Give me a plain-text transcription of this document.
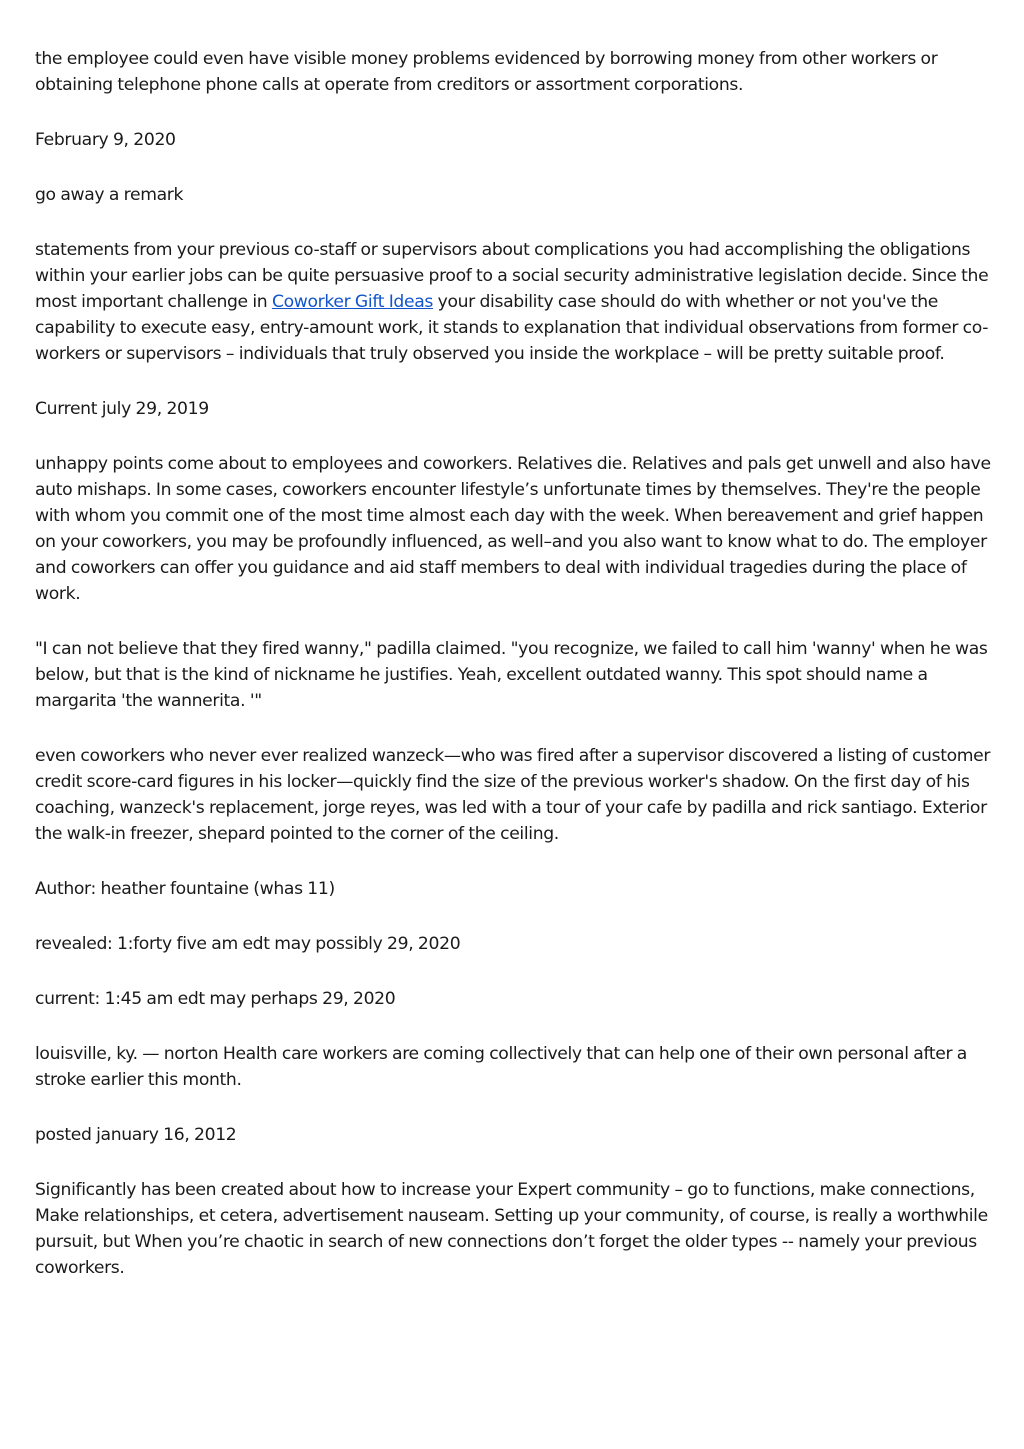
the employee could even have visible money problems evidenced by borrowing money from other workers or obtaining telephone phone calls at operate from creditors or assortment corporations.

February 9, 2020

go away a remark

statements from your previous co-staff or supervisors about complications you had accomplishing the obligations within your earlier jobs can be quite persuasive proof to a social security administrative legislation decide. Since the most important challenge in Coworker Gift Ideas your disability case should do with whether or not you've the capability to execute easy, entry-amount work, it stands to explanation that individual observations from former co-workers or supervisors – individuals that truly observed you inside the workplace – will be pretty suitable proof.

Current july 29, 2019

unhappy points come about to employees and coworkers. Relatives die. Relatives and pals get unwell and also have auto mishaps. In some cases, coworkers encounter lifestyle’s unfortunate times by themselves. They're the people with whom you commit one of the most time almost each day with the week. When bereavement and grief happen on your coworkers, you may be profoundly influenced, as well–and you also want to know what to do. The employer and coworkers can offer you guidance and aid staff members to deal with individual tragedies during the place of work.

"I can not believe that they fired wanny," padilla claimed. "you recognize, we failed to call him 'wanny' when he was below, but that is the kind of nickname he justifies. Yeah, excellent outdated wanny. This spot should name a margarita 'the wannerita. '"

even coworkers who never ever realized wanzeck—who was fired after a supervisor discovered a listing of customer credit score-card figures in his locker—quickly find the size of the previous worker's shadow. On the first day of his coaching, wanzeck's replacement, jorge reyes, was led with a tour of your cafe by padilla and rick santiago. Exterior the walk-in freezer, shepard pointed to the corner of the ceiling.

Author: heather fountaine (whas 11)

revealed: 1:forty five am edt may possibly 29, 2020

current: 1:45 am edt may perhaps 29, 2020

louisville, ky. — norton Health care workers are coming collectively that can help one of their own personal after a stroke earlier this month.

posted january 16, 2012

Significantly has been created about how to increase your Expert community – go to functions, make connections, Make relationships, et cetera, advertisement nauseam. Setting up your community, of course, is really a worthwhile pursuit, but When you’re chaotic in search of new connections don’t forget the older types -- namely your previous coworkers.
